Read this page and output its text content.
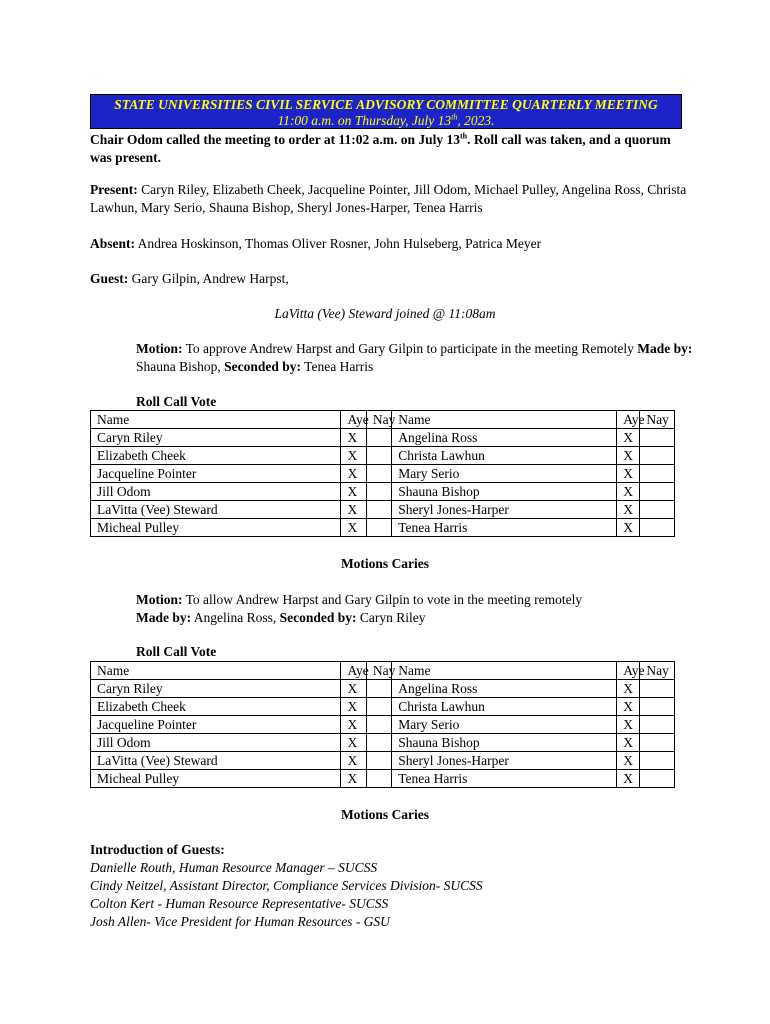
STATE UNIVERSITIES CIVIL SERVICE ADVISORY COMMITTEE QUARTERLY MEETING
11:00 a.m. on Thursday, July 13th, 2023.
Chair Odom called the meeting to order at 11:02 a.m. on July 13th. Roll call was taken, and a quorum was present.
Present: Caryn Riley, Elizabeth Cheek, Jacqueline Pointer, Jill Odom, Michael Pulley, Angelina Ross, Christa Lawhun, Mary Serio, Shauna Bishop, Sheryl Jones-Harper, Tenea Harris
Absent: Andrea Hoskinson, Thomas Oliver Rosner, John Hulseberg, Patrica Meyer
Guest: Gary Gilpin, Andrew Harpst,
LaVitta (Vee) Steward joined @ 11:08am
Motion: To approve Andrew Harpst and Gary Gilpin to participate in the meeting Remotely Made by: Shauna Bishop, Seconded by: Tenea Harris
Roll Call Vote
Name	Aye	Nay	Name	Aye	Nay
Caryn Riley	X		Angelina Ross	X	
Elizabeth Cheek	X		Christa Lawhun	X	
Jacqueline Pointer	X		Mary Serio	X	
Jill Odom	X		Shauna Bishop	X	
LaVitta (Vee) Steward	X		Sheryl Jones-Harper	X	
Micheal Pulley	X		Tenea Harris	X	
Motions Caries
Motion: To allow Andrew Harpst and Gary Gilpin to vote in the meeting remotely
Made by: Angelina Ross, Seconded by: Caryn Riley
Roll Call Vote
Name	Aye	Nay	Name	Aye	Nay
Caryn Riley	X		Angelina Ross	X	
Elizabeth Cheek	X		Christa Lawhun	X	
Jacqueline Pointer	X		Mary Serio	X	
Jill Odom	X		Shauna Bishop	X	
LaVitta (Vee) Steward	X		Sheryl Jones-Harper	X	
Micheal Pulley	X		Tenea Harris	X	
Motions Caries
Introduction of Guests:
Danielle Routh, Human Resource Manager – SUCSS
Cindy Neitzel, Assistant Director, Compliance Services Division- SUCSS
Colton Kert - Human Resource Representative- SUCSS
Josh Allen- Vice President for Human Resources - GSU
